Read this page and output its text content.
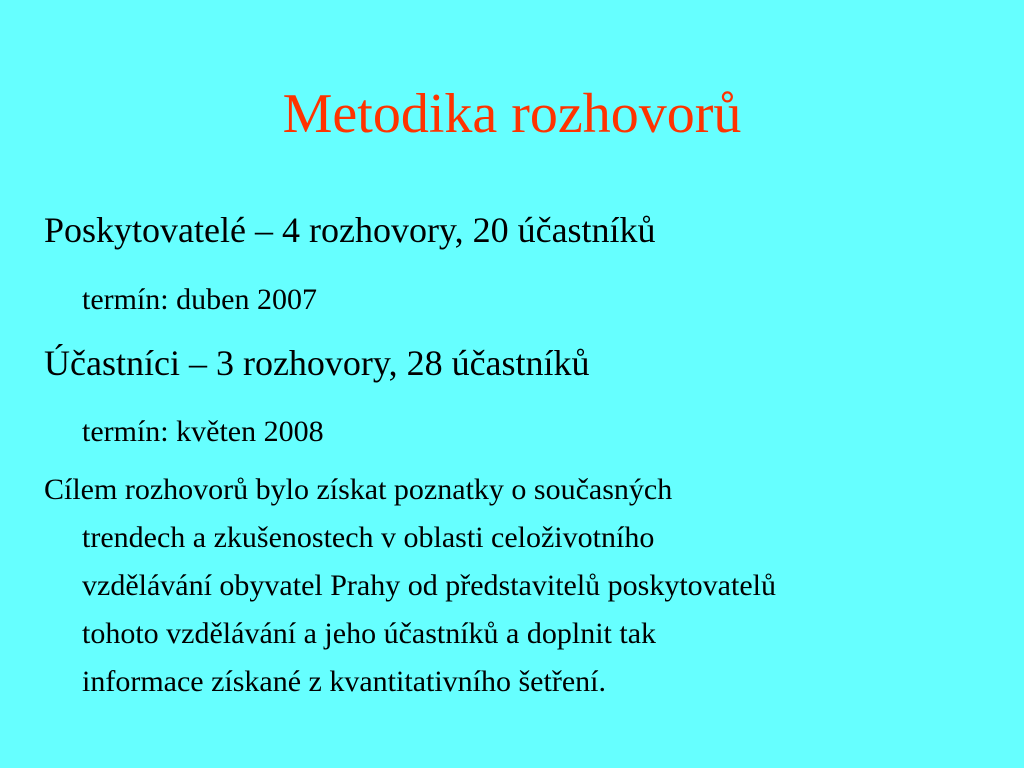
Metodika rozhovorů
Poskytovatelé – 4 rozhovory, 20 účastníků
termín: duben 2007
Účastníci – 3 rozhovory, 28 účastníků
termín: květen 2008
Cílem rozhovorů bylo získat poznatky o současných
trendech a zkušenostech v oblasti celoživotního
vzdělávání obyvatel Prahy od představitelů poskytovatelů
tohoto vzdělávání a jeho účastníků a doplnit tak
informace získané z kvantitativního šetření.
